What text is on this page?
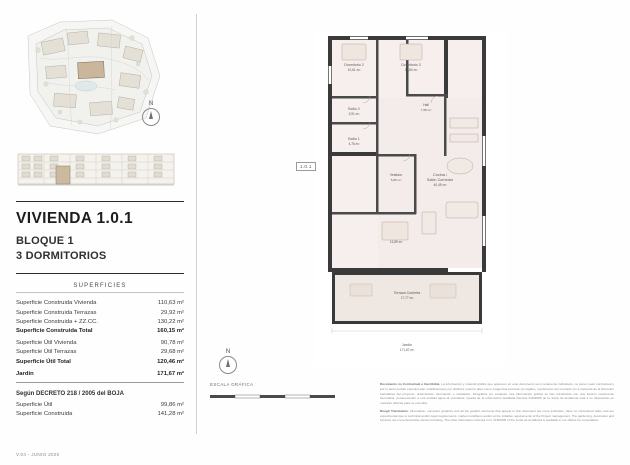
N
VIVIENDA 1.0.1
BLOQUE 1
3 DORMITORIOS
SUPERFICIES

Superficie Construida Vivienda	110,63 m²
Superficie Construida Terrazas	29,92 m²
Superficie Construida + ZZ.CC.	130,22 m²
Superficie Construida Total	160,15 m²

Superficie Útil Vivienda	90,78 m²
Superficie Útil Terrazas	29,68 m²
Superficie Útil Total	120,46 m²

Jardín	171,67 m²
Según DECRETO 218 / 2005 del BOJA
Superficie Útil	99,86 m²
Superficie Construida	141,28 m²
V.04 - JUNIO 2020
Dormitorio 2
10,61 m²
Dormitorio 3
10,80 m²
Baño 2
3,91 m²
Hall
7,58 m²
Baño 1
4,76 m²
Cocina /
Salón Comedor
40,45 m²
Vestidor
5,86 m²
14,89 m²
Terraza Cubierta
17,77 m²
Jardín
171,67 m²
1.0.1
N
ESCALA GRÁFICA	Documento no Contractual e Inscribible. La información y material gráfico que aparecen en este documento son meramente indicativos, no tienen valor contractual y por lo tanto podrán experimentar modificaciones por distintos motivos tales como exigencias técnicas y/o legales, condiciones del mercado y/o a instancia de la Dirección Facultativa del proyecto, urbanísticas, decoración e instalados. Infografías y/o cualquier otra información gráfica se han introducido con una función meramente decorativa, perteneciendo a una entidad ajena al vinculante. Queda de la información detallada Decreto 218/2005 de la Junta de Andalucía está a su disposición en nuestras oficinas para su consulta.

Rough Translation: Information, computer graphics and all the graphic elements that appear in this document are mere indicative, have no contractual value and are experimental due to technical and/or legal requirements, market conditions and/or at the initiative requirements of the Project management. The gardening, decoration and furniture are mere decorative element binding. The other information referred in D. 218/2005 of the Junta de Andalucía is available in our offices for consultation.
